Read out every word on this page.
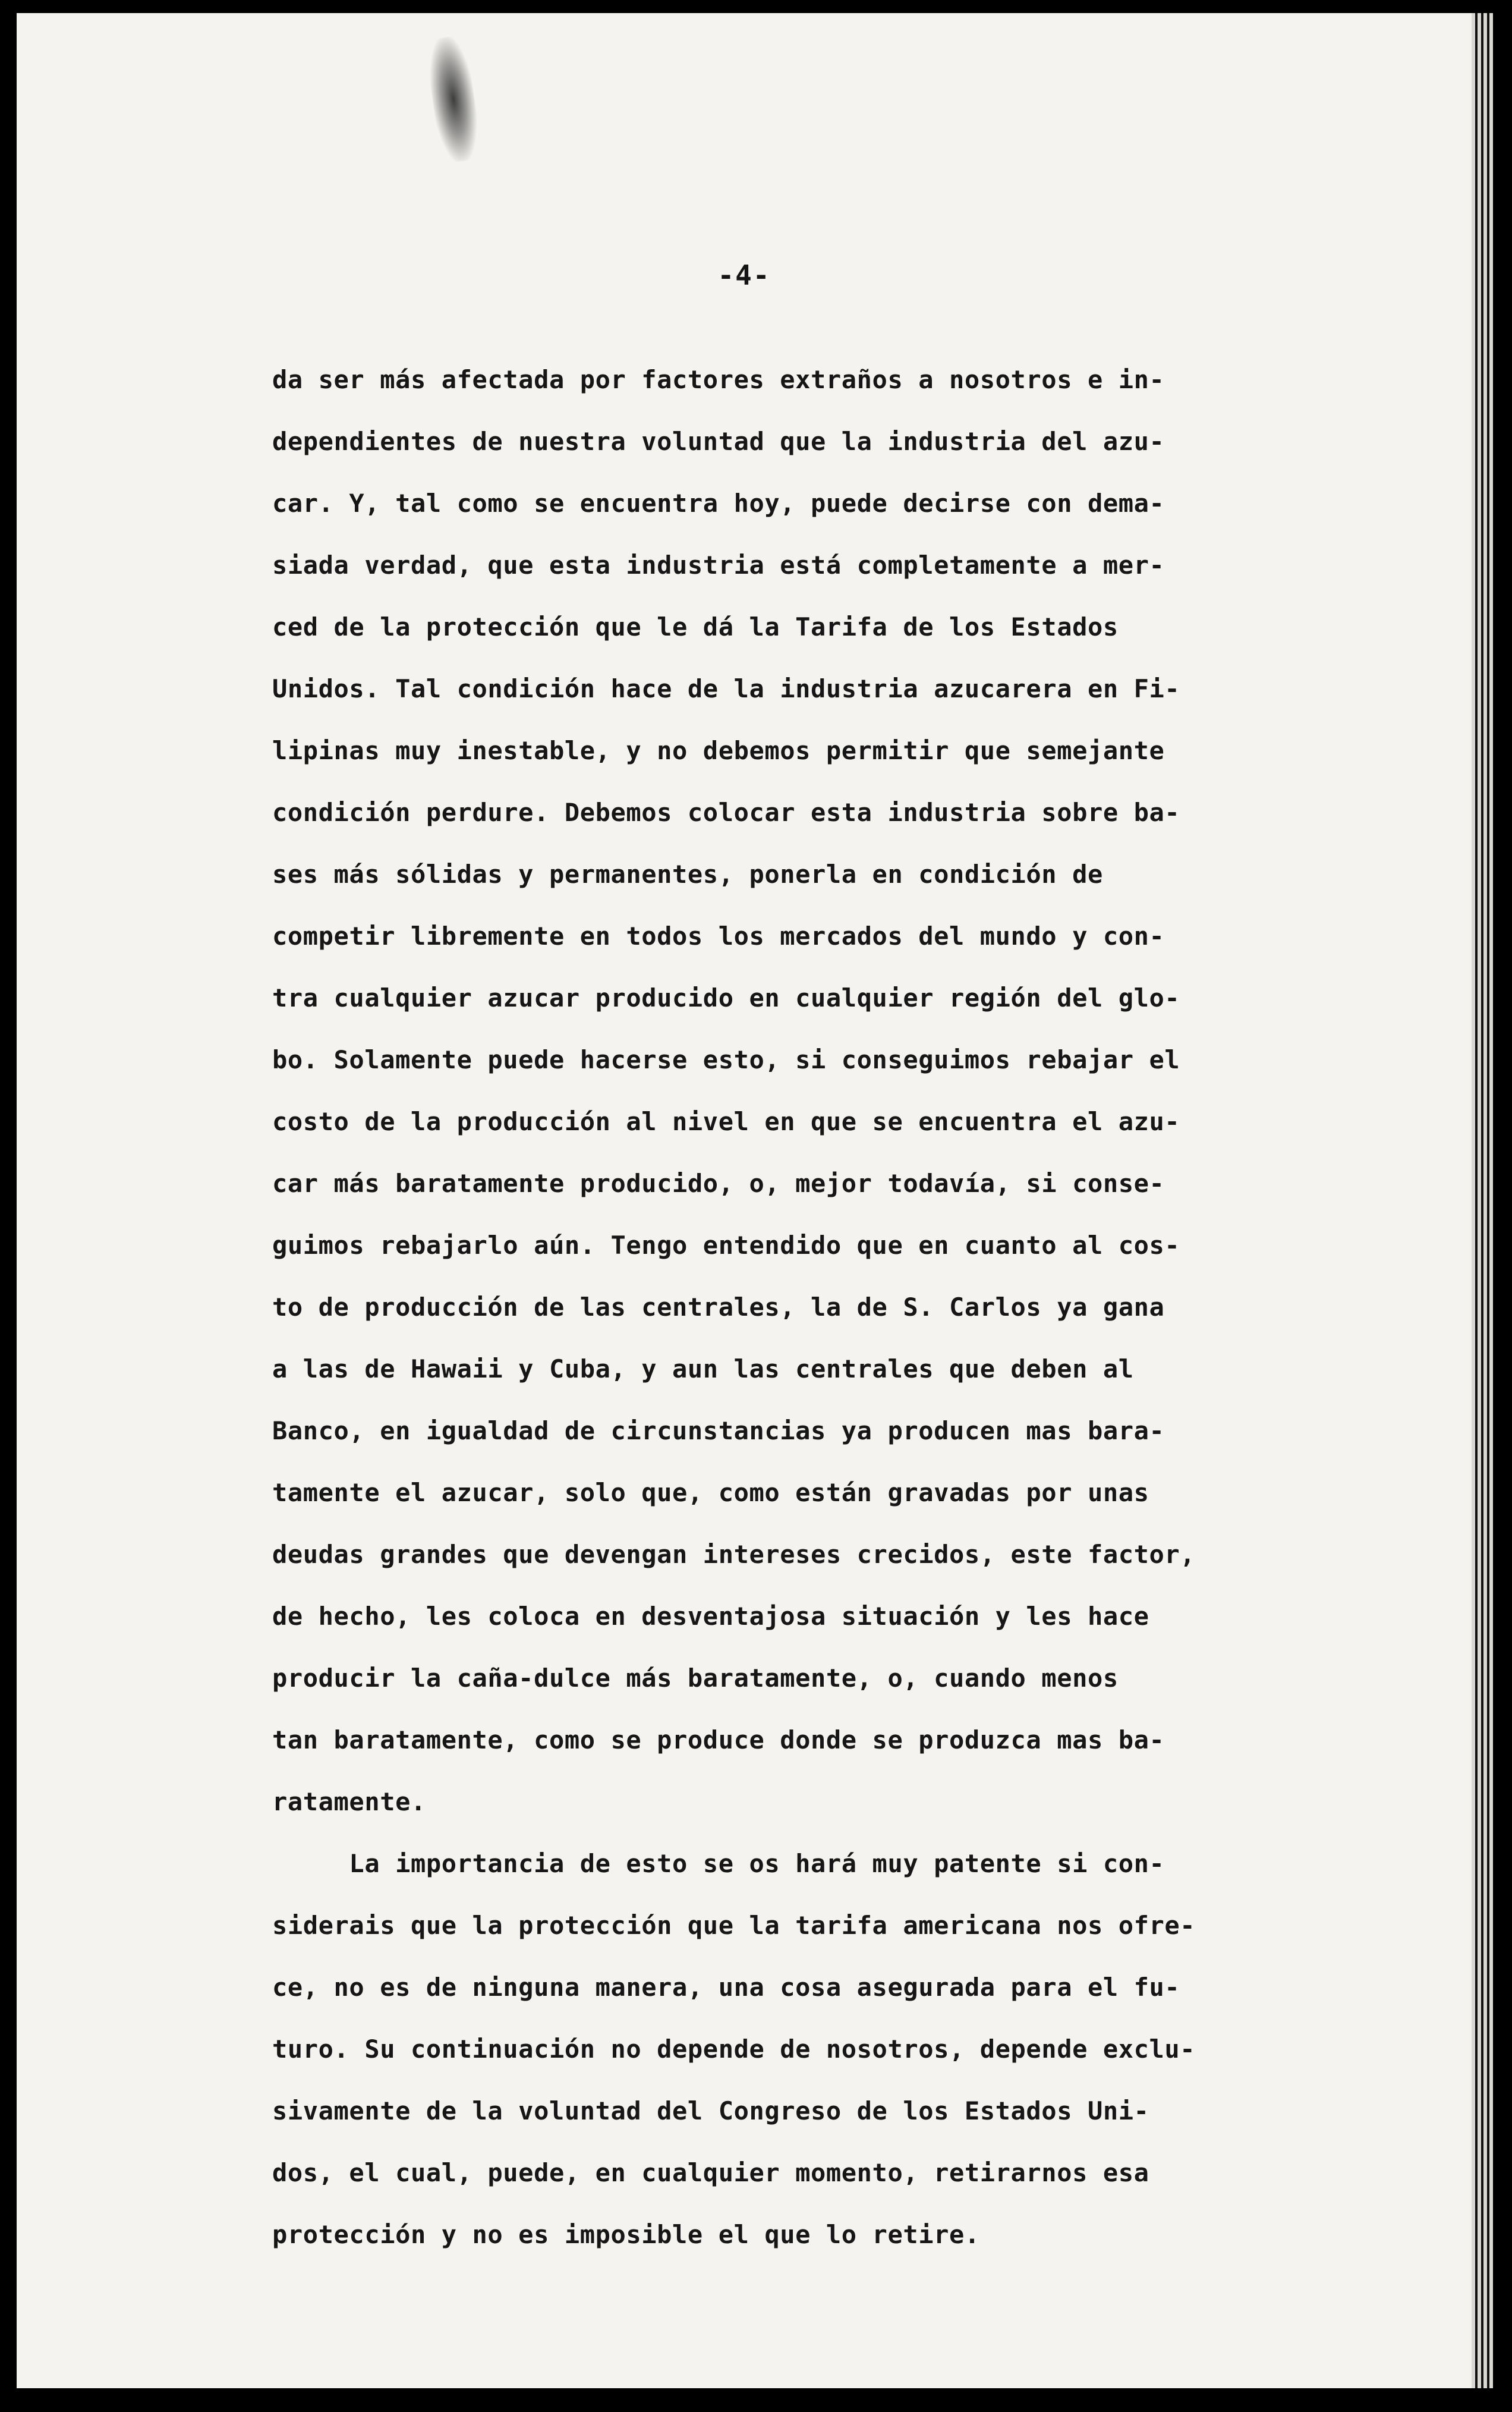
-4-
da ser más afectada por factores extraños a nosotros e in-
dependientes de nuestra voluntad que la industria del azu-
car. Y, tal como se encuentra hoy, puede decirse con dema-
siada verdad, que esta industria está completamente a mer-
ced de la protección que le dá la Tarifa de los Estados
Unidos. Tal condición hace de la industria azucarera en Fi-
lipinas muy inestable, y no debemos permitir que semejante
condición perdure. Debemos colocar esta industria sobre ba-
ses más sólidas y permanentes, ponerla en condición de
competir libremente en todos los mercados del mundo y con-
tra cualquier azucar producido en cualquier región del glo-
bo. Solamente puede hacerse esto, si conseguimos rebajar el
costo de la producción al nivel en que se encuentra el azu-
car más baratamente producido, o, mejor todavía, si conse-
guimos rebajarlo aún. Tengo entendido que en cuanto al cos-
to de producción de las centrales, la de S. Carlos ya gana
a las de Hawaii y Cuba, y aun las centrales que deben al
Banco, en igualdad de circunstancias ya producen mas bara-
tamente el azucar, solo que, como están gravadas por unas
deudas grandes que devengan intereses crecidos, este factor,
de hecho, les coloca en desventajosa situación y les hace
producir la caña-dulce más baratamente, o, cuando menos
tan baratamente, como se produce donde se produzca mas ba-
ratamente.
La importancia de esto se os hará muy patente si con-
siderais que la protección que la tarifa americana nos ofre-
ce, no es de ninguna manera, una cosa asegurada para el fu-
turo. Su continuación no depende de nosotros, depende exclu-
sivamente de la voluntad del Congreso de los Estados Uni-
dos, el cual, puede, en cualquier momento, retirarnos esa
protección y no es imposible el que lo retire.
